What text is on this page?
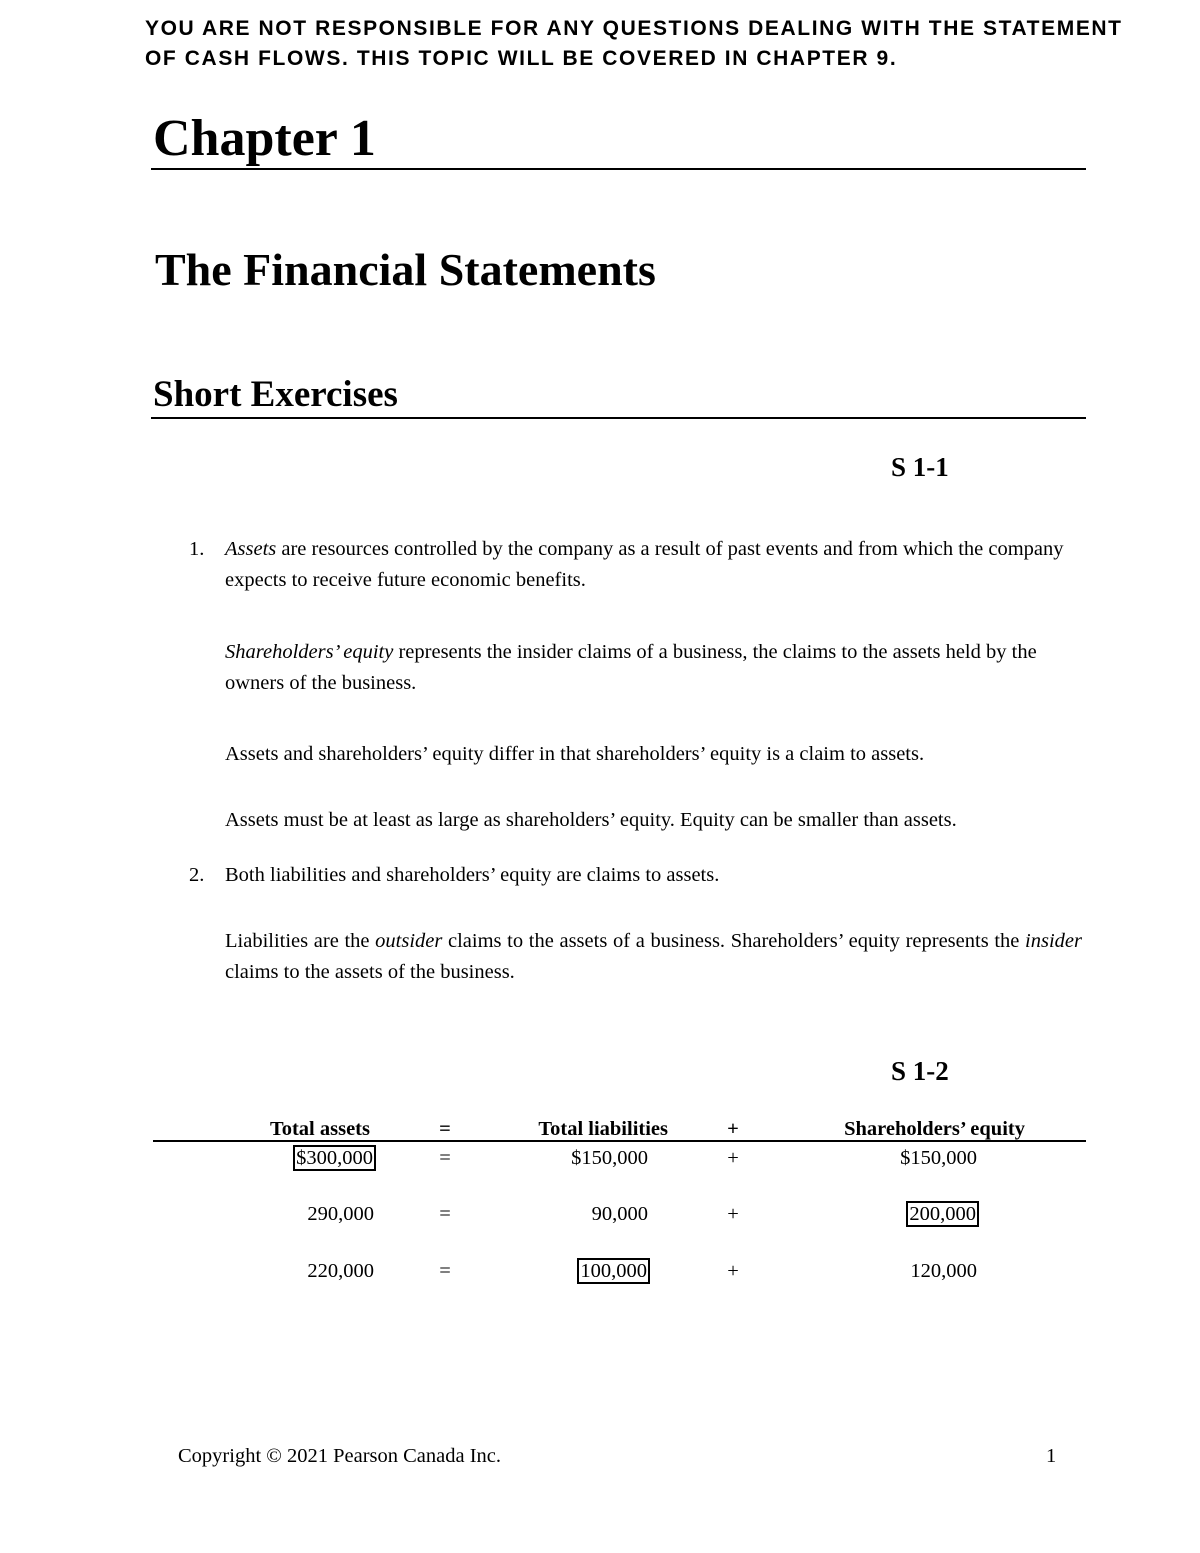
YOU ARE NOT RESPONSIBLE FOR ANY QUESTIONS DEALING WITH THE STATEMENT OF CASH FLOWS. THIS TOPIC WILL BE COVERED IN CHAPTER 9.

Chapter 1
The Financial Statements
Short Exercises
S 1-1
1. Assets are resources controlled by the company as a result of past events and from which the company expects to receive future economic benefits.

Shareholders’ equity represents the insider claims of a business, the claims to the assets held by the owners of the business.

Assets and shareholders’ equity differ in that shareholders’ equity is a claim to assets.

Assets must be at least as large as shareholders’ equity. Equity can be smaller than assets.

2. Both liabilities and shareholders’ equity are claims to assets.

Liabilities are the outsider claims to the assets of a business. Shareholders’ equity represents the insider claims to the assets of the business.

S 1-2
Total assets	=	Total liabilities	+	Shareholders’ equity
$300,000	=	$150,000	+	$150,000
290,000	=	90,000	+	200,000
220,000	=	100,000	+	120,000
Copyright © 2021 Pearson Canada Inc.	1
